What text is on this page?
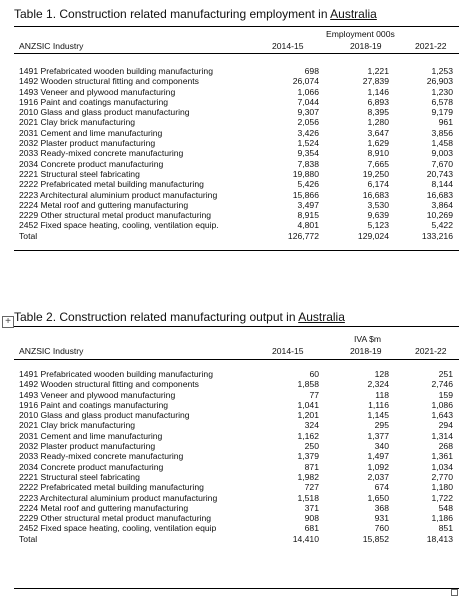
Table 1. Construction related manufacturing employment in Australia
Employment 000s
ANZSIC Industry	2014-15	2018-19	2021-22
1491 Prefabricated wooden building manufacturing	698	1,221	1,253
1492 Wooden structural fitting and components	26,074	27,839	26,903
1493 Veneer and plywood manufacturing	1,066	1,146	1,230
1916 Paint and coatings manufacturing	7,044	6,893	6,578
2010 Glass and glass product manufacturing	9,307	8,395	9,179
2021 Clay brick manufacturing	2,056	1,280	961
2031 Cement and lime manufacturing	3,426	3,647	3,856
2032 Plaster product manufacturing	1,524	1,629	1,458
2033 Ready-mixed concrete manufacturing	9,354	8,910	9,003
2034 Concrete product manufacturing	7,838	7,665	7,670
2221 Structural steel fabricating	19,880	19,250	20,743
2222 Prefabricated metal building manufacturing	5,426	6,174	8,144
2223 Architectural aluminium product manufacturing	15,866	16,683	16,683
2224 Metal roof and guttering manufacturing	3,497	3,530	3,864
2229 Other structural metal product manufacturing	8,915	9,639	10,269
2452 Fixed space heating, cooling, ventilation equip.	4,801	5,123	5,422
Total	126,772	129,024	133,216
+ Table 2. Construction related manufacturing output in Australia
IVA $m
ANZSIC Industry	2014-15	2018-19	2021-22
1491 Prefabricated wooden building manufacturing	60	128	251
1492 Wooden structural fitting and components	1,858	2,324	2,746
1493 Veneer and plywood manufacturing	77	118	159
1916 Paint and coatings manufacturing	1,041	1,116	1,086
2010 Glass and glass product manufacturing	1,201	1,145	1,643
2021 Clay brick manufacturing	324	295	294
2031 Cement and lime manufacturing	1,162	1,377	1,314
2032 Plaster product manufacturing	250	340	268
2033 Ready-mixed concrete manufacturing	1,379	1,497	1,361
2034 Concrete product manufacturing	871	1,092	1,034
2221 Structural steel fabricating	1,982	2,037	2,770
2222 Prefabricated metal building manufacturing	727	674	1,180
2223 Architectural aluminium product manufacturing	1,518	1,650	1,722
2224 Metal roof and guttering manufacturing	371	368	548
2229 Other structural metal product manufacturing	908	931	1,186
2452 Fixed space heating, cooling, ventilation equip	681	760	851
Total	14,410	15,852	18,413
